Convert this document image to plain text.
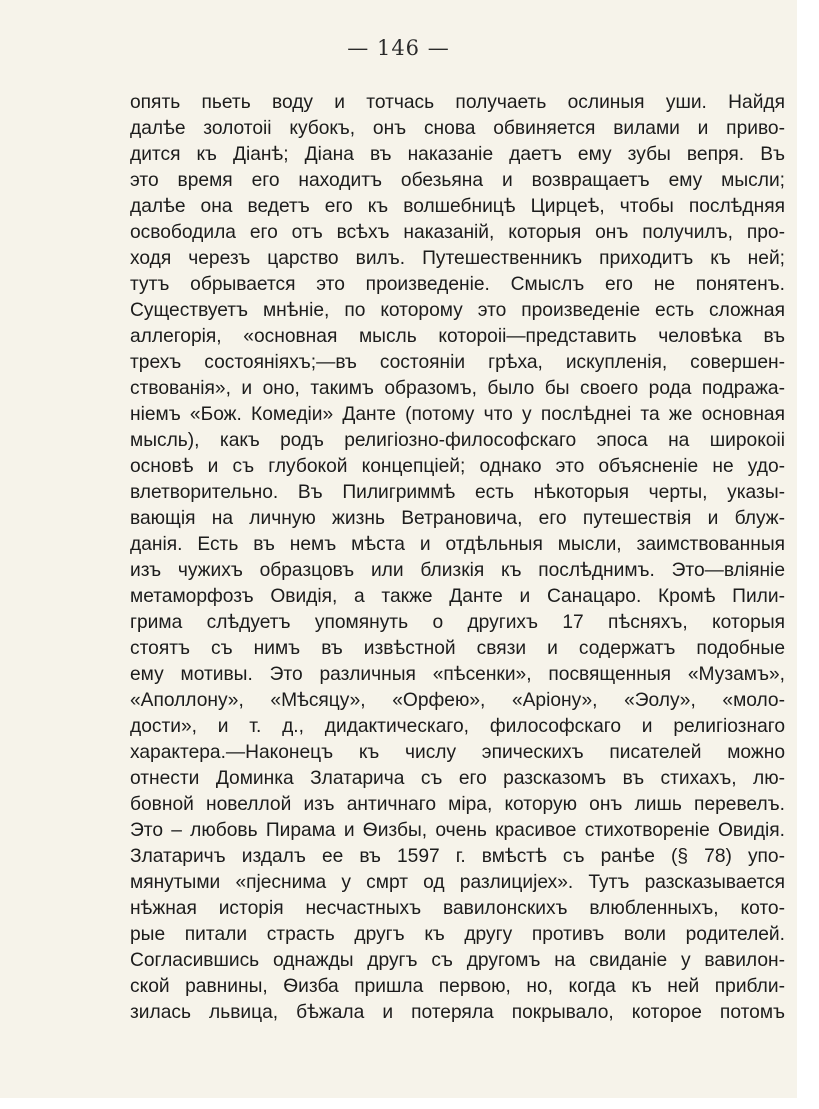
— 146 —
опять пьеть воду и тотчась получаеть ослиныя уши. Найдя
далѣе золотоіі кубокъ, онъ снова обвиняется вилами и приво-
дится къ Діанѣ; Діана въ наказаніе даетъ ему зубы вепря. Въ
это время его находитъ обезьяна и возвращаетъ ему мысли;
далѣе она ведетъ его къ волшебницѣ Цирцеѣ, чтобы послѣдняя
освободила его отъ всѣхъ наказаній, которыя онъ получилъ, про-
ходя черезъ царство вилъ. Путешественникъ приходитъ къ ней;
тутъ обрывается это произведеніе. Смыслъ его не понятенъ.
Существуетъ мнѣніе, по которому это произведеніе есть сложная
аллегорія, «основная мысль котороіі—представить человѣка въ
трехъ состояніяхъ;—въ состояніи грѣха, искупленія, совершен-
ствованія», и оно, такимъ образомъ, было бы своего рода подража-
ніемъ «Бож. Комедіи» Данте (потому что у послѣднеі та же основная
мысль), какъ родъ религіозно-философскаго эпоса на широкоіі
основѣ и съ глубокой концепціей; однако это объясненіе не удо-
влетворительно. Въ Пилигриммѣ есть нѣкоторыя черты, указы-
вающія на личную жизнь Ветрановича, его путешествія и блуж-
данія. Есть въ немъ мѣста и отдѣльныя мысли, заимствованныя
изъ чужихъ образцовъ или близкія къ послѣднимъ. Это—вліяніе
метаморфозъ Овидія, а также Данте и Санацаро. Кромѣ Пили-
грима слѣдуетъ упомянуть о другихъ 17 пѣсняхъ, которыя
стоятъ съ нимъ въ извѣстной связи и содержатъ подобные
ему мотивы. Это различныя «пѣсенки», посвященныя «Музамъ»,
«Аполлону», «Мѣсяцу», «Орфею», «Аріону», «Эолу», «моло-
дости», и т. д., дидактическаго, философскаго и религіознаго
характера.—Наконецъ къ числу эпическихъ писателей можно
отнести Доминка Златарича съ его разсказомъ въ стихахъ, лю-
бовной новеллой изъ античнаго міра, которую онъ лишь перевелъ.
Это – любовь Пирама и Ѳизбы, очень красивое стихотвореніе Овидія.
Златаричъ издалъ ее въ 1597 г. вмѣстѣ съ ранѣе (§ 78) упо-
мянутыми «пјеснима у смрт од разлицијех». Тутъ разсказывается
нѣжная исторія несчастныхъ вавилонскихъ влюбленныхъ, кото-
рые питали страсть другъ къ другу противъ воли родителей.
Согласившись однажды другъ съ другомъ на свиданіе у вавилон-
ской равнины, Ѳизба пришла первою, но, когда къ ней прибли-
зилась львица, бѣжала и потеряла покрывало, которое потомъ
